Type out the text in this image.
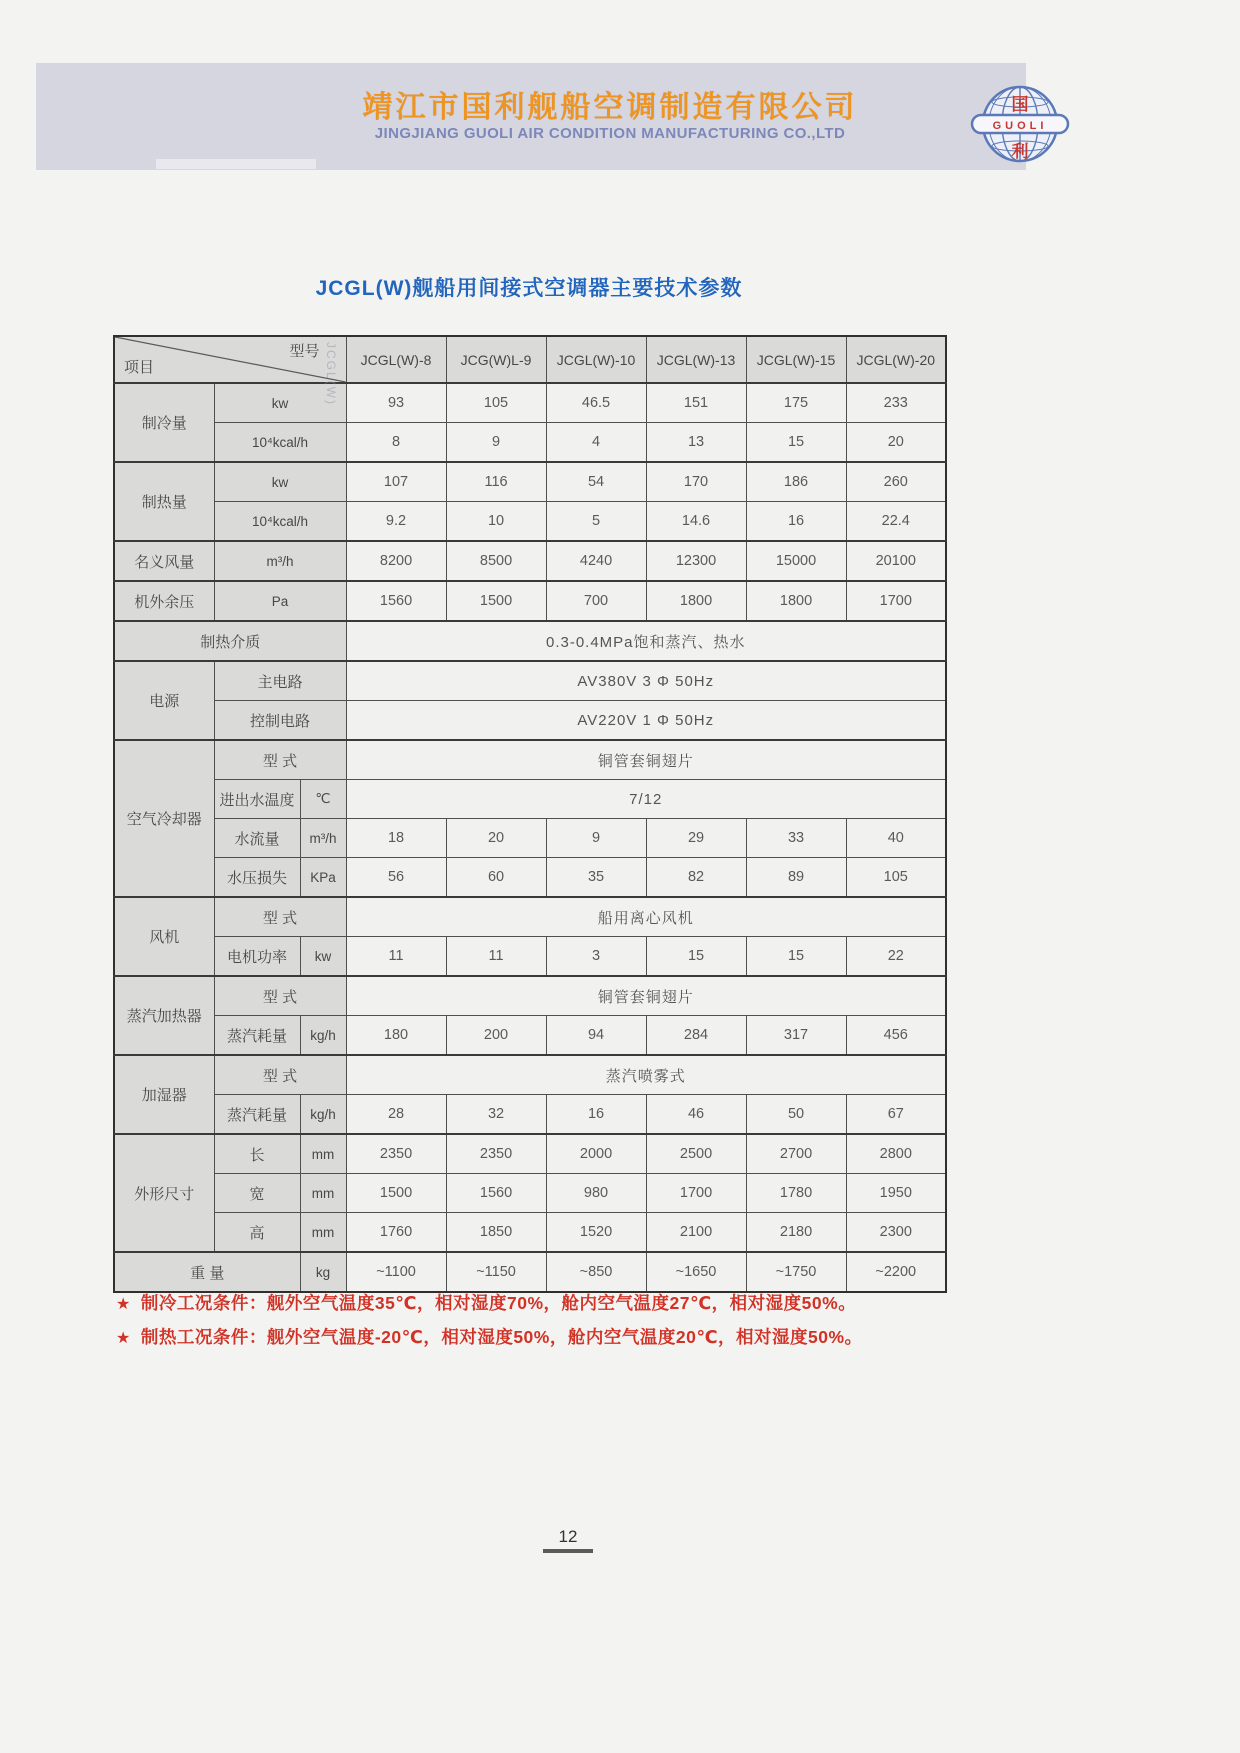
靖江市国利舰船空调制造有限公司
JINGJIANG GUOLI AIR CONDITION MANUFACTURING CO.,LTD	GUOLI
国
利
JCGL(W)舰船用间接式空调器主要技术参数
项目
型号			JCGL(W)-8	JCG(W)L-9	JCGL(W)-10	JCGL(W)-13	JCGL(W)-15	JCGL(W)-20
制冷量	kw		93	105	46.5	151	175	233
	10⁴kcal/h		8	9	4	13	15	20
制热量	kw		107	116	54	170	186	260
	10⁴kcal/h		9.2	10	5	14.6	16	22.4
名义风量	m³/h		8200	8500	4240	12300	15000	20100
机外余压	Pa		1560	1500	700	1800	1800	1700
制热介质			0.3-0.4MPa饱和蒸汽、热水					
电源	主电路		AV380V 3 Φ 50Hz					
	控制电路		AV220V 1 Φ 50Hz					
空气冷却器	型 式		铜管套铜翅片					
	进出水温度	℃	7/12					
	水流量	m³/h	18	20	9	29	33	40
	水压损失	KPa	56	60	35	82	89	105
风机	型 式		船用离心风机					
	电机功率	kw	11	11	3	15	15	22
蒸汽加热器	型 式		铜管套铜翅片					
	蒸汽耗量	kg/h	180	200	94	284	317	456
加湿器	型 式		蒸汽喷雾式					
	蒸汽耗量	kg/h	28	32	16	46	50	67
外形尺寸	长	mm	2350	2350	2000	2500	2700	2800
	宽	mm	1500	1560	980	1700	1780	1950
	高	mm	1760	1850	1520	2100	2180	2300
重 量		kg	~1100	~1150	~850	~1650	~1750	~2200
JCGL(W)
★ 制冷工况条件：舰外空气温度35℃，相对湿度70%，舱内空气温度27℃，相对湿度50%。
★ 制热工况条件：舰外空气温度-20℃，相对湿度50%，舱内空气温度20℃，相对湿度50%。
12
